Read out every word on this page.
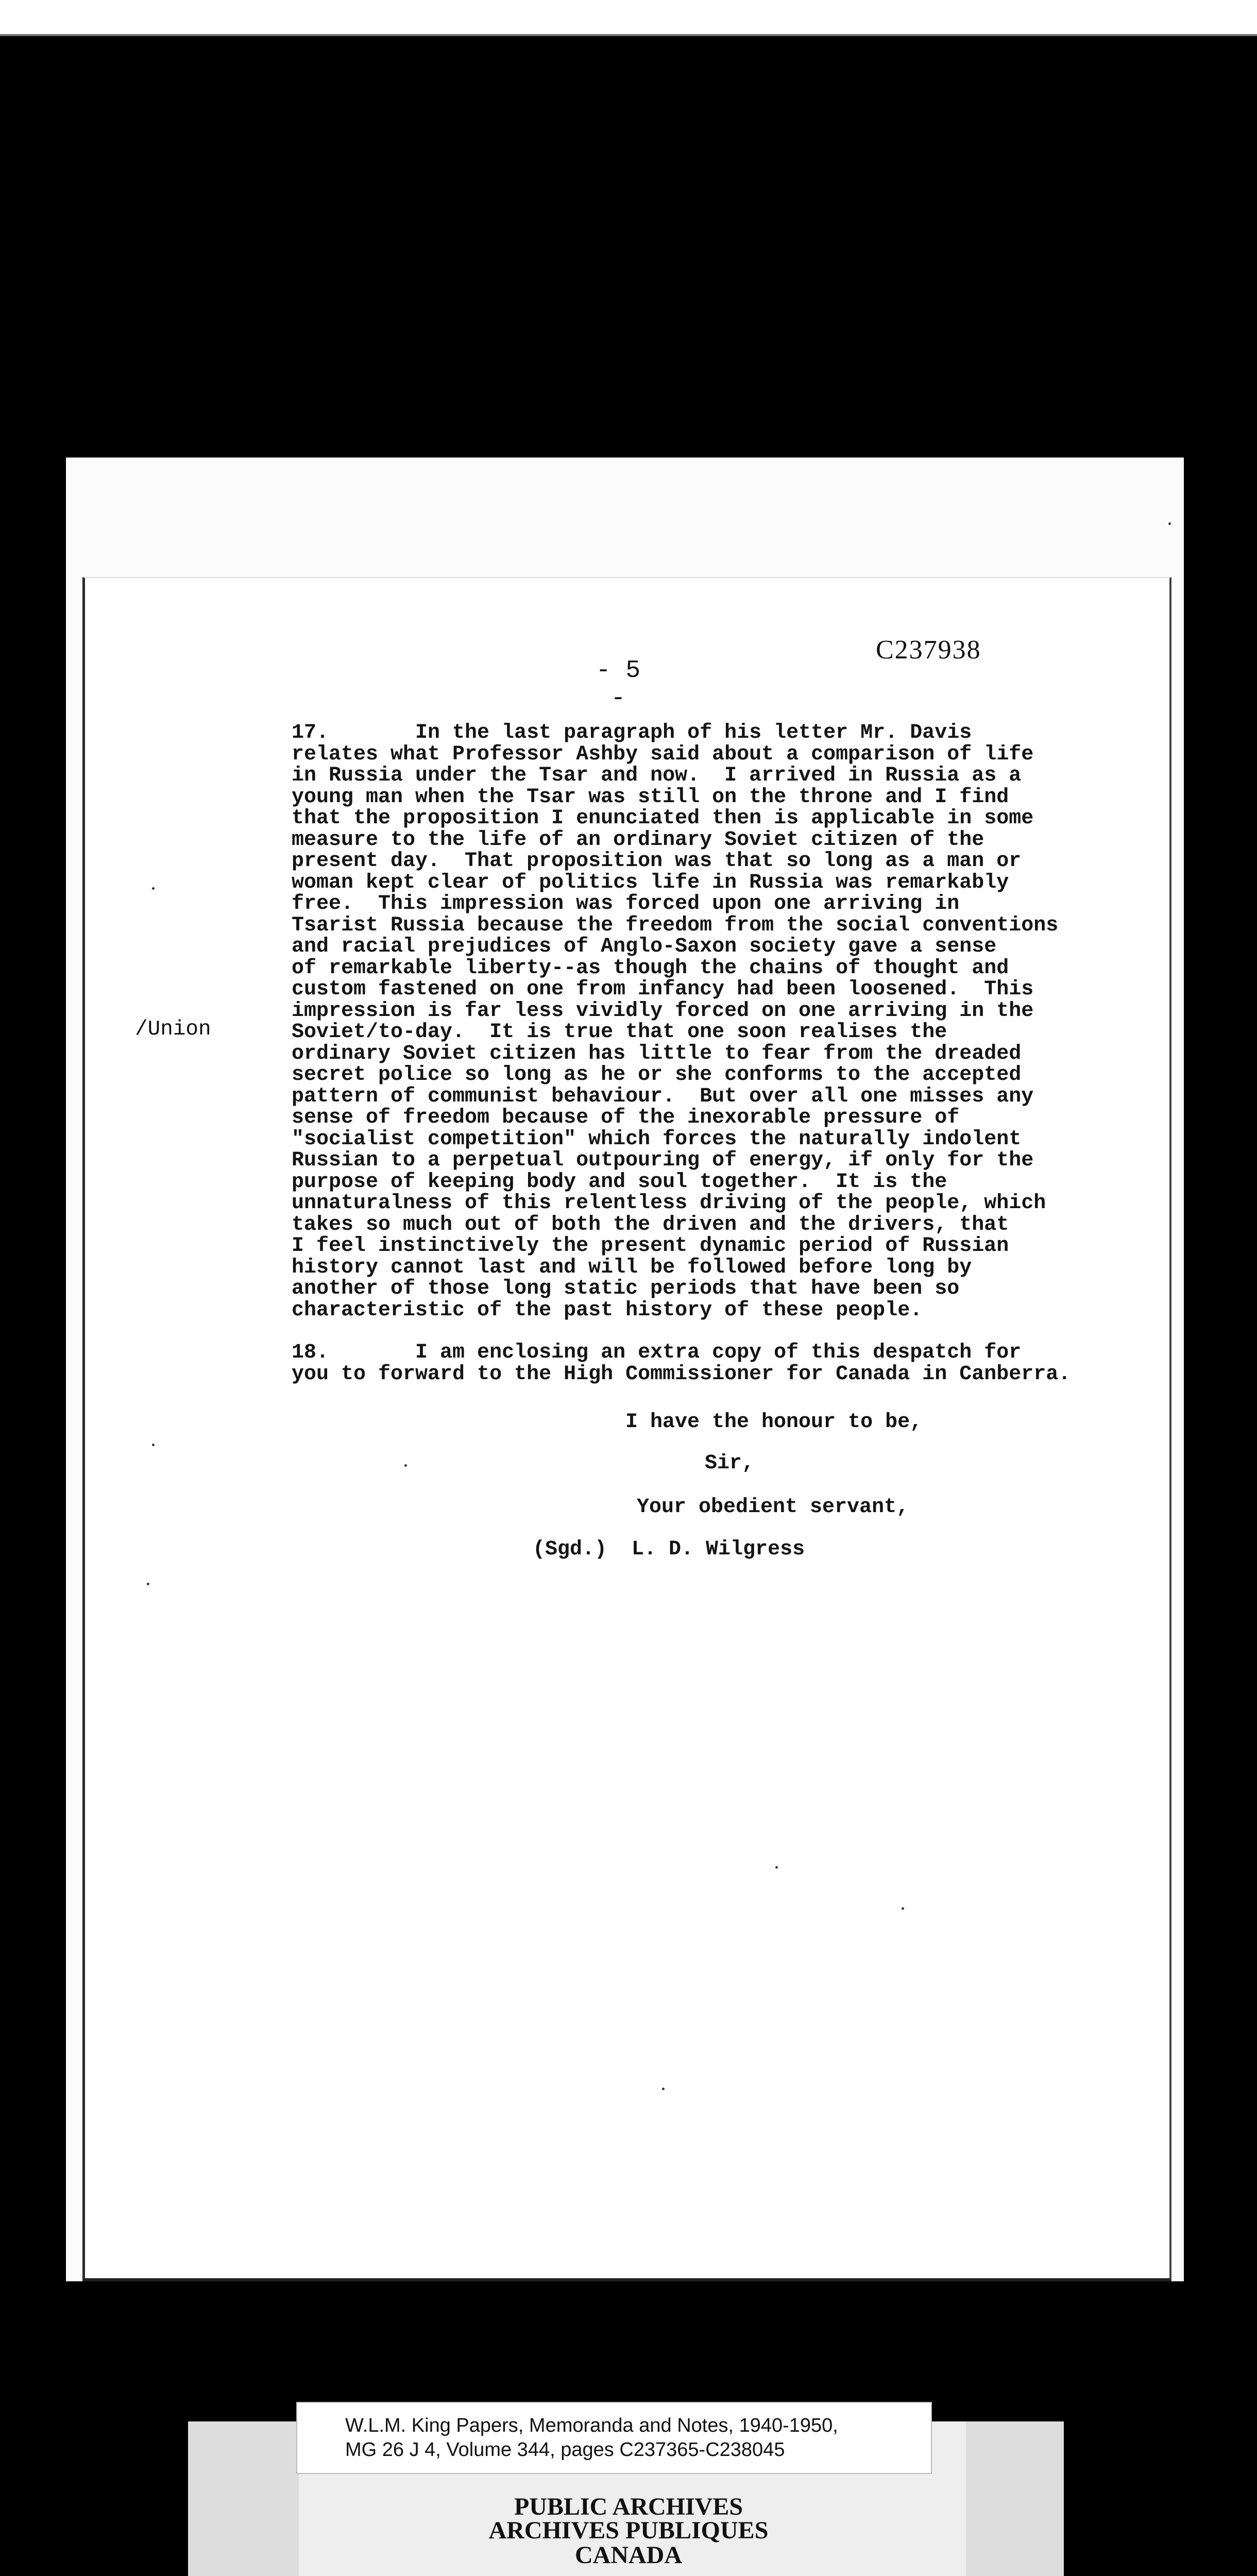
- 5 -
C237938
/Union
17.       In the last paragraph of his letter Mr. Davis
relates what Professor Ashby said about a comparison of life
in Russia under the Tsar and now.  I arrived in Russia as a
young man when the Tsar was still on the throne and I find
that the proposition I enunciated then is applicable in some
measure to the life of an ordinary Soviet citizen of the
present day.  That proposition was that so long as a man or
woman kept clear of politics life in Russia was remarkably
free.  This impression was forced upon one arriving in
Tsarist Russia because the freedom from the social conventions
and racial prejudices of Anglo-Saxon society gave a sense
of remarkable liberty--as though the chains of thought and
custom fastened on one from infancy had been loosened.  This
impression is far less vividly forced on one arriving in the
Soviet/to-day.  It is true that one soon realises the
ordinary Soviet citizen has little to fear from the dreaded
secret police so long as he or she conforms to the accepted
pattern of communist behaviour.  But over all one misses any
sense of freedom because of the inexorable pressure of
"socialist competition" which forces the naturally indolent
Russian to a perpetual outpouring of energy, if only for the
purpose of keeping body and soul together.  It is the
unnaturalness of this relentless driving of the people, which
takes so much out of both the driven and the drivers, that
I feel instinctively the present dynamic period of Russian
history cannot last and will be followed before long by
another of those long static periods that have been so
characteristic of the past history of these people.
18.       I am enclosing an extra copy of this despatch for
you to forward to the High Commissioner for Canada in Canberra.
I have the honour to be,
Sir,
Your obedient servant,
(Sgd.)  L. D. Wilgress
W.L.M. King Papers, Memoranda and Notes, 1940-1950,
MG 26 J 4, Volume 344, pages C237365-C238045
PUBLIC ARCHIVES
ARCHIVES PUBLIQUES
CANADA
